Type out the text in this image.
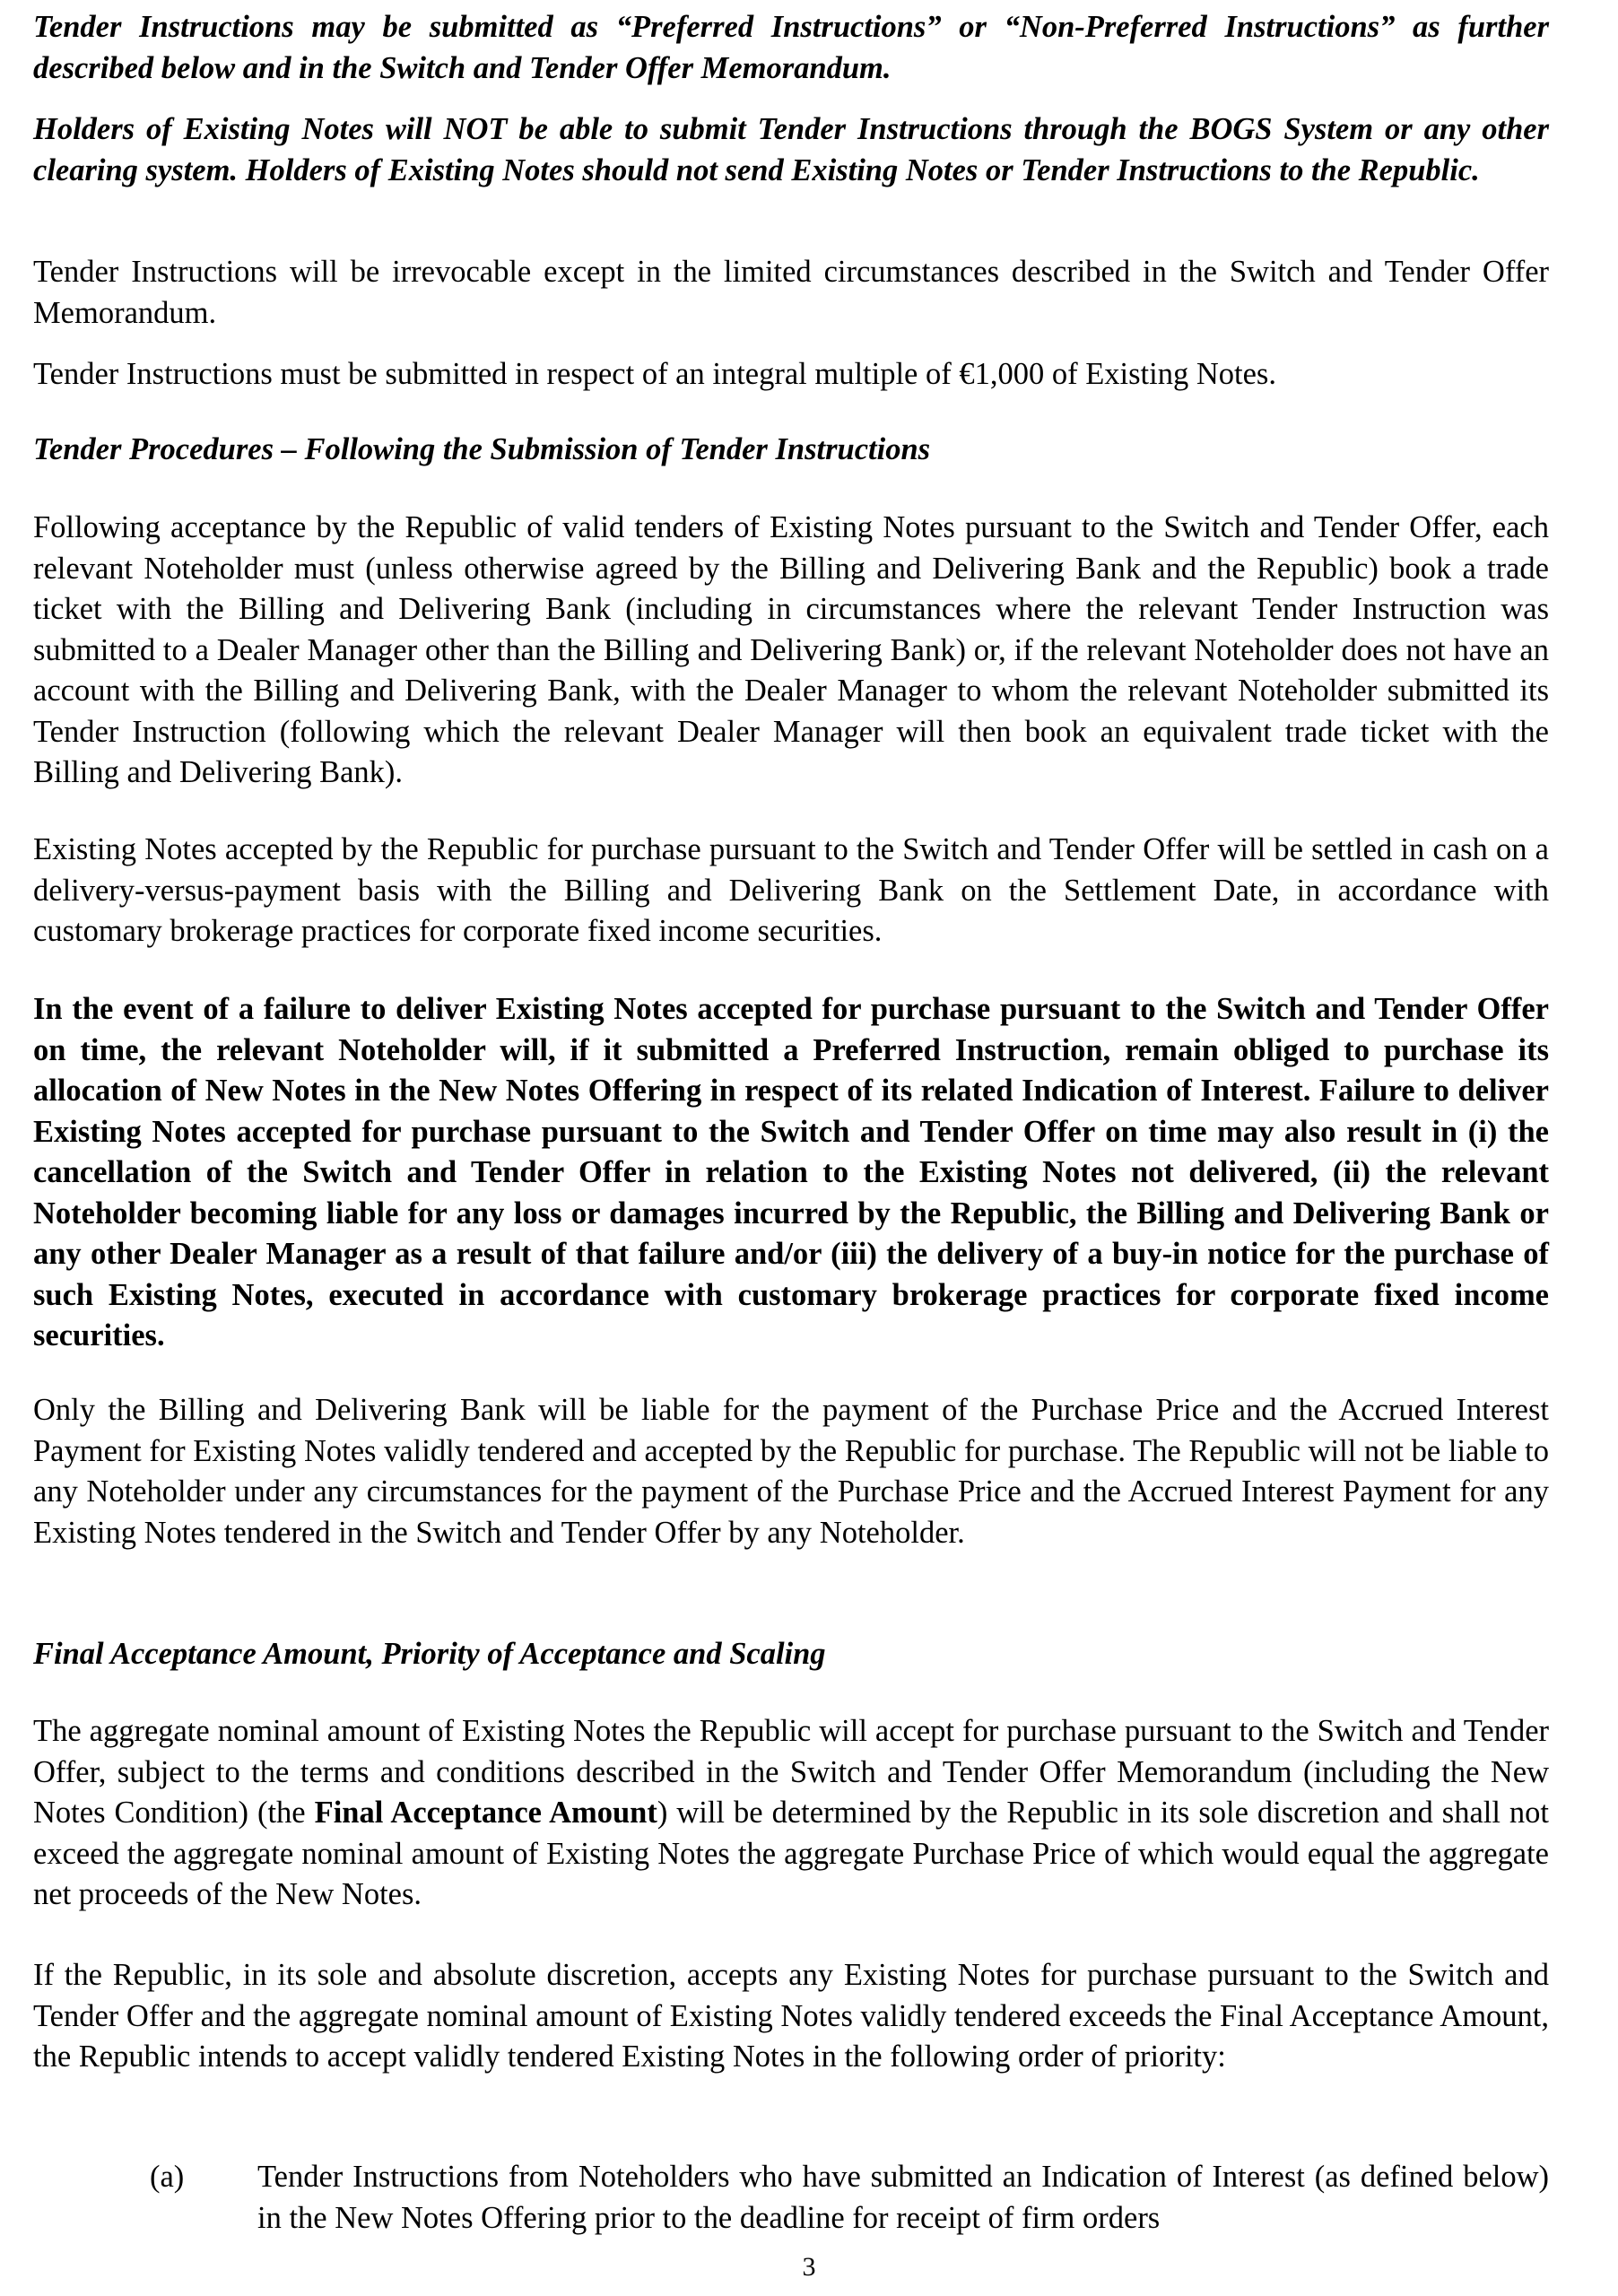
Tender Instructions may be submitted as “Preferred Instructions” or “Non-Preferred Instructions” as further described below and in the Switch and Tender Offer Memorandum.

Holders of Existing Notes will NOT be able to submit Tender Instructions through the BOGS System or any other clearing system. Holders of Existing Notes should not send Existing Notes or Tender Instructions to the Republic.

Tender Instructions will be irrevocable except in the limited circumstances described in the Switch and Tender Offer Memorandum.

Tender Instructions must be submitted in respect of an integral multiple of €1,000 of Existing Notes.

Tender Procedures – Following the Submission of Tender Instructions

Following acceptance by the Republic of valid tenders of Existing Notes pursuant to the Switch and Tender Offer, each relevant Noteholder must (unless otherwise agreed by the Billing and Delivering Bank and the Republic) book a trade ticket with the Billing and Delivering Bank (including in circumstances where the relevant Tender Instruction was submitted to a Dealer Manager other than the Billing and Delivering Bank) or, if the relevant Noteholder does not have an account with the Billing and Delivering Bank, with the Dealer Manager to whom the relevant Noteholder submitted its Tender Instruction (following which the relevant Dealer Manager will then book an equivalent trade ticket with the Billing and Delivering Bank).

Existing Notes accepted by the Republic for purchase pursuant to the Switch and Tender Offer will be settled in cash on a delivery-versus-payment basis with the Billing and Delivering Bank on the Settlement Date, in accordance with customary brokerage practices for corporate fixed income securities.

In the event of a failure to deliver Existing Notes accepted for purchase pursuant to the Switch and Tender Offer on time, the relevant Noteholder will, if it submitted a Preferred Instruction, remain obliged to purchase its allocation of New Notes in the New Notes Offering in respect of its related Indication of Interest. Failure to deliver Existing Notes accepted for purchase pursuant to the Switch and Tender Offer on time may also result in (i) the cancellation of the Switch and Tender Offer in relation to the Existing Notes not delivered, (ii) the relevant Noteholder becoming liable for any loss or damages incurred by the Republic, the Billing and Delivering Bank or any other Dealer Manager as a result of that failure and/or (iii) the delivery of a buy-in notice for the purchase of such Existing Notes, executed in accordance with customary brokerage practices for corporate fixed income securities.

Only the Billing and Delivering Bank will be liable for the payment of the Purchase Price and the Accrued Interest Payment for Existing Notes validly tendered and accepted by the Republic for purchase. The Republic will not be liable to any Noteholder under any circumstances for the payment of the Purchase Price and the Accrued Interest Payment for any Existing Notes tendered in the Switch and Tender Offer by any Noteholder.

Final Acceptance Amount, Priority of Acceptance and Scaling

The aggregate nominal amount of Existing Notes the Republic will accept for purchase pursuant to the Switch and Tender Offer, subject to the terms and conditions described in the Switch and Tender Offer Memorandum (including the New Notes Condition) (the Final Acceptance Amount) will be determined by the Republic in its sole discretion and shall not exceed the aggregate nominal amount of Existing Notes the aggregate Purchase Price of which would equal the aggregate net proceeds of the New Notes.

If the Republic, in its sole and absolute discretion, accepts any Existing Notes for purchase pursuant to the Switch and Tender Offer and the aggregate nominal amount of Existing Notes validly tendered exceeds the Final Acceptance Amount, the Republic intends to accept validly tendered Existing Notes in the following order of priority:

(a) Tender Instructions from Noteholders who have submitted an Indication of Interest (as defined below) in the New Notes Offering prior to the deadline for receipt of firm orders

3
